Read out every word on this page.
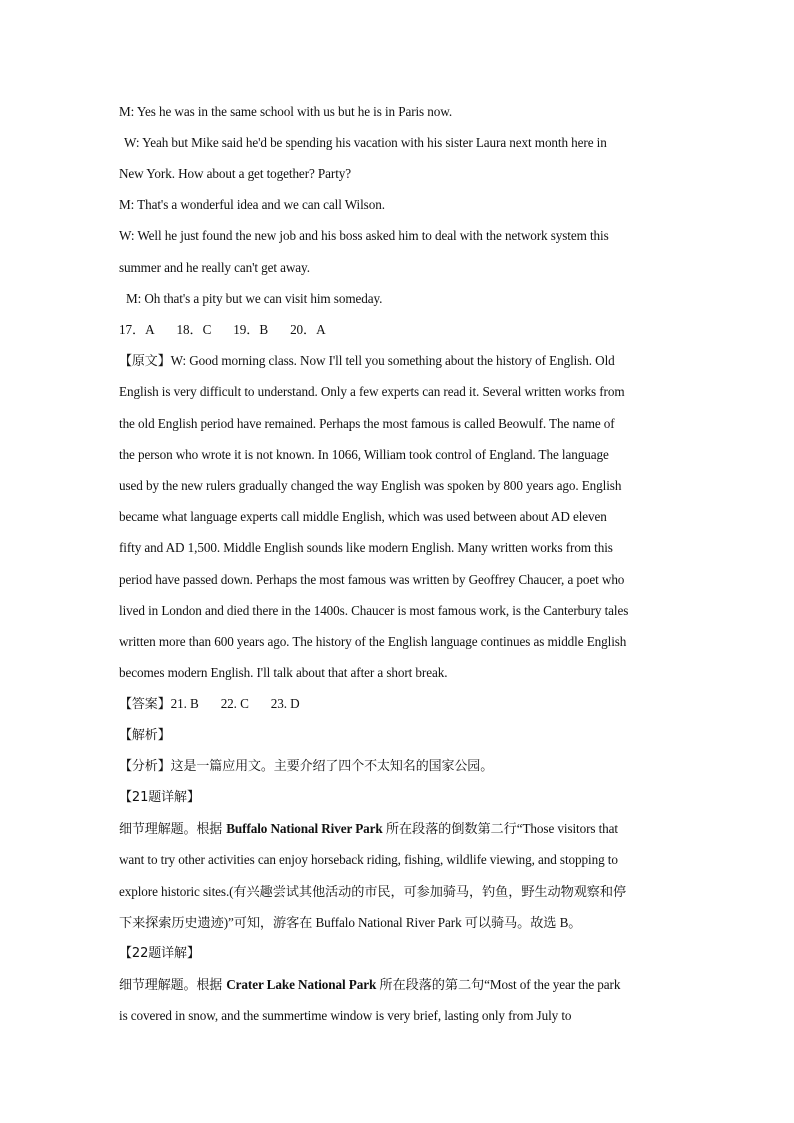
M: Yes he was in the same school with us but he is in Paris now.
W: Yeah but Mike said he'd be spending his vacation with his sister Laura next month here in
New York. How about a get together? Party?
M: That's a wonderful idea and we can call Wilson.
W: Well he just found the new job and his boss asked him to deal with the network system this
summer and he really can't get away.
M: Oh that's a pity but we can visit him someday.
17．A 18．C 19．B 20．A
【原文】W: Good morning class. Now I'll tell you something about the history of English. Old
English is very difficult to understand. Only a few experts can read it. Several written works from
the old English period have remained. Perhaps the most famous is called Beowulf. The name of
the person who wrote it is not known. In 1066, William took control of England. The language
used by the new rulers gradually changed the way English was spoken by 800 years ago. English
became what language experts call middle English, which was used between about AD eleven
fifty and AD 1,500. Middle English sounds like modern English. Many written works from this
period have passed down. Perhaps the most famous was written by Geoffrey Chaucer, a poet who
lived in London and died there in the 1400s. Chaucer is most famous work, is the Canterbury tales
written more than 600 years ago. The history of the English language continues as middle English
becomes modern English. I'll talk about that after a short break.
【答案】21. B 22. C 23. D
【解析】
【分析】这是一篇应用文。主要介绍了四个不太知名的国家公园。
【21题详解】
细节理解题。根据 Buffalo National River Park 所在段落的倒数第二行“Those visitors that
want to try other activities can enjoy horseback riding, fishing, wildlife viewing, and stopping to
explore historic sites.(有兴趣尝试其他活动的市民，可参加骑马，钓鱼，野生动物观察和停
下来探索历史遗迹)”可知，游客在 Buffalo National River Park 可以骑马。故选 B。
【22题详解】
细节理解题。根据 Crater Lake National Park 所在段落的第二句“Most of the year the park
is covered in snow, and the summertime window is very brief, lasting only from July to
